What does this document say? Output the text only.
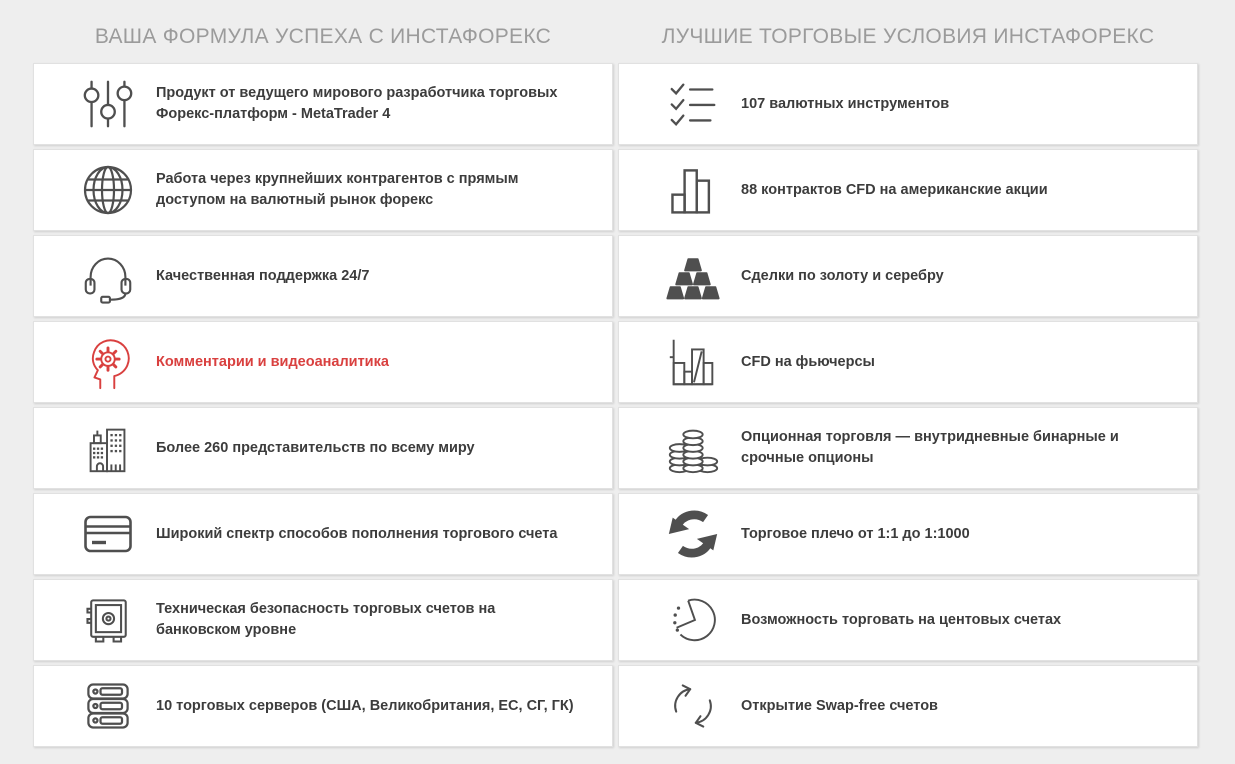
ВАША ФОРМУЛА УСПЕХА С ИНСТАФОРЕКС	ЛУЧШИЕ ТОРГОВЫЕ УСЛОВИЯ ИНСТАФОРЕКС
Продукт от ведущего мирового разработчика торговых Форекс-платформ - MetaTrader 4
Работа через крупнейших контрагентов с прямым доступом на валютный рынок форекс
Качественная поддержка 24/7
Комментарии и видеоаналитика
Более 260 представительств по всему миру
Широкий спектр способов пополнения торгового счета
Техническая безопасность торговых счетов на банковском уровне
10 торговых серверов (США, Великобритания, ЕС, СГ, ГК)
107 валютных инструментов
88 контрактов CFD на американские акции
Сделки по золоту и серебру
CFD на фьючерсы
Опционная торговля — внутридневные бинарные и срочные опционы
Торговое плечо от 1:1 до 1:1000
Возможность торговать на центовых счетах
Открытие Swap-free счетов
